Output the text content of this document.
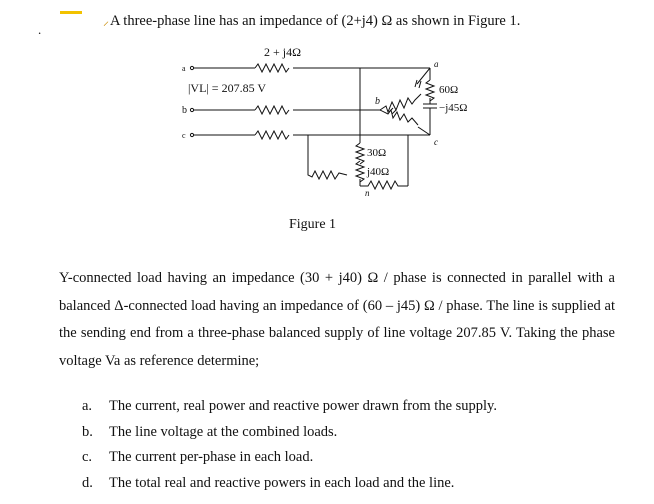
.
⸝A three-phase line has an impedance of (2+j4) Ω as shown in Figure 1.
2 + j4Ω
|VL| = 207.85 V
a
b
c
b
a
c
n
60Ω
−j45Ω
30Ω
j40Ω
Figure 1
Y-connected load having an impedance (30 + j40) Ω / phase is connected in parallel with a balanced Δ-connected load having an impedance of (60 – j45) Ω / phase. The line is supplied at the sending end from a three-phase balanced supply of line voltage 207.85 V. Taking the phase voltage Va as reference determine;
a. The current, real power and reactive power drawn from the supply.
b. The line voltage at the combined loads.
c. The current per-phase in each load.
d. The total real and reactive powers in each load and the line.
